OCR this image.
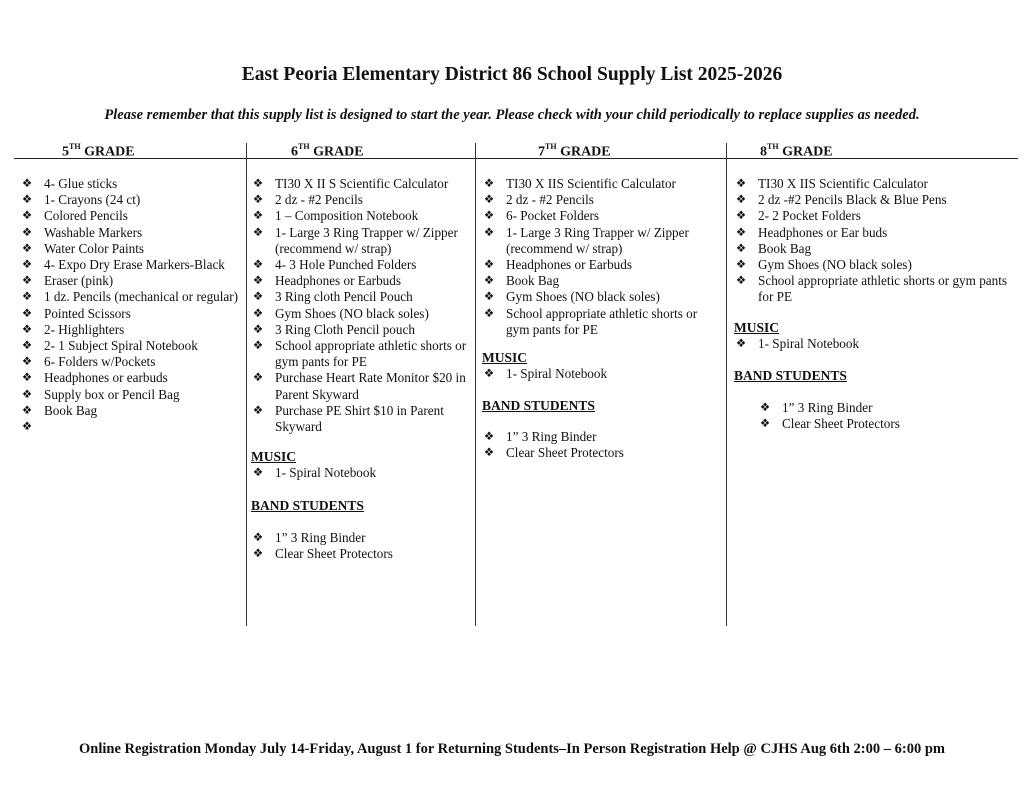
East Peoria Elementary District 86 School Supply List 2025-2026
Please remember that this supply list is designed to start the year. Please check with your child periodically to replace supplies as needed.
5TH GRADE
❖ 4- Glue sticks
❖ 1- Crayons (24 ct)
❖ Colored Pencils
❖ Washable Markers
❖ Water Color Paints
❖ 4- Expo Dry Erase Markers-Black
❖ Eraser (pink)
❖ 1 dz. Pencils (mechanical or regular)
❖ Pointed Scissors
❖ 2- Highlighters
❖ 2- 1 Subject Spiral Notebook
❖ 6- Folders w/Pockets
❖ Headphones or earbuds
❖ Supply box or Pencil Bag
❖ Book Bag
❖
6TH GRADE
❖ TI30 X II S Scientific Calculator
❖ 2 dz - #2 Pencils
❖ 1 – Composition Notebook
❖ 1- Large 3 Ring Trapper w/ Zipper (recommend w/ strap)
❖ 4- 3 Hole Punched Folders
❖ Headphones or Earbuds
❖ 3 Ring cloth Pencil Pouch
❖ Gym Shoes (NO black soles)
❖ 3 Ring Cloth Pencil pouch
❖ School appropriate athletic shorts or gym pants for PE
❖ Purchase Heart Rate Monitor $20 in Parent Skyward
❖ Purchase PE Shirt $10 in Parent Skyward
MUSIC
❖ 1- Spiral Notebook
BAND STUDENTS
❖ 1” 3 Ring Binder
❖ Clear Sheet Protectors
7TH GRADE
❖ TI30 X IIS Scientific Calculator
❖ 2 dz - #2 Pencils
❖ 6- Pocket Folders
❖ 1- Large 3 Ring Trapper w/ Zipper (recommend w/ strap)
❖ Headphones or Earbuds
❖ Book Bag
❖ Gym Shoes (NO black soles)
❖ School appropriate athletic shorts or gym pants for PE
MUSIC
❖ 1- Spiral Notebook
BAND STUDENTS
❖ 1” 3 Ring Binder
❖ Clear Sheet Protectors
8TH GRADE
❖ TI30 X IIS Scientific Calculator
❖ 2 dz -#2 Pencils Black & Blue Pens
❖ 2- 2 Pocket Folders
❖ Headphones or Ear buds
❖ Book Bag
❖ Gym Shoes (NO black soles)
❖ School appropriate athletic shorts or gym pants for PE
MUSIC
❖ 1- Spiral Notebook
BAND STUDENTS
❖ 1” 3 Ring Binder
❖ Clear Sheet Protectors
Online Registration Monday July 14-Friday, August 1 for Returning Students–In Person Registration Help @ CJHS Aug 6th 2:00 – 6:00 pm
